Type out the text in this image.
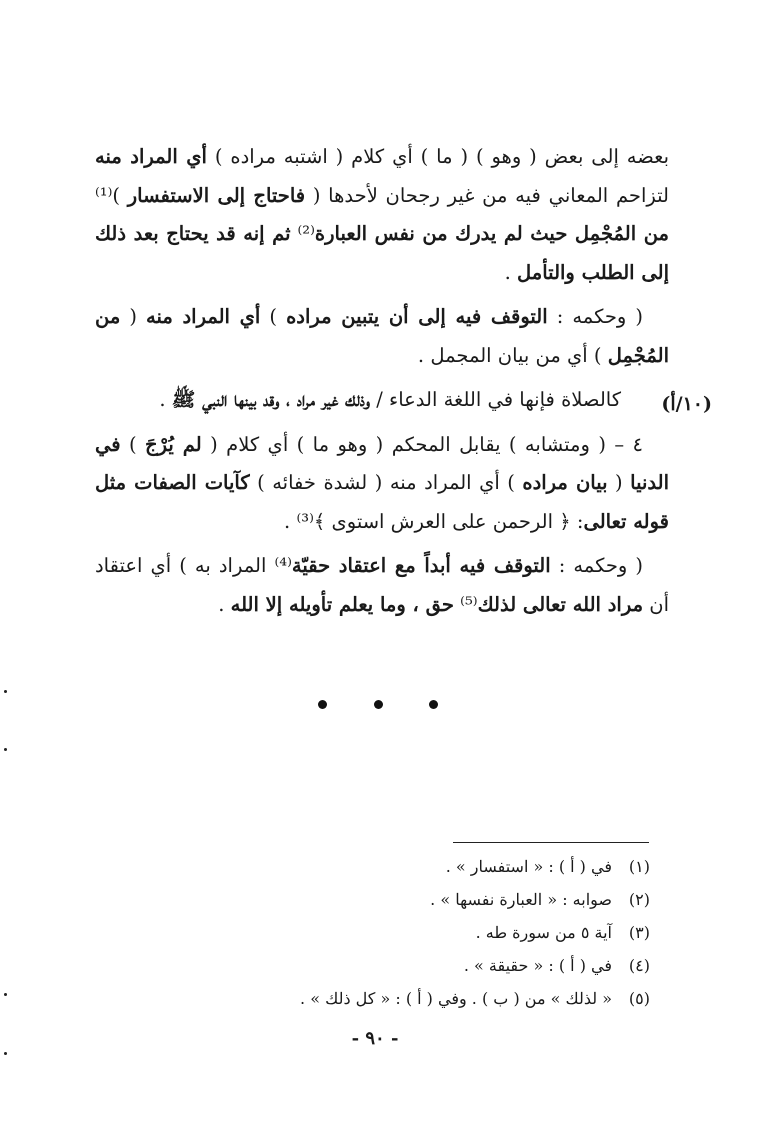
بعضه إلى بعض ( وهو ) ( ما ) أي كلام ( اشتبه مراده ) أي المراد منه لتزاحم المعاني فيه من غير رجحان لأحدها ( فاحتاج إلى الاستفسار )⁽¹⁾ من المُجْمِل حيث لم يدرك من نفس العبارة⁽²⁾ ثم إنه قد يحتاج بعد ذلك إلى الطلب والتأمل .

( وحكمه : التوقف فيه إلى أن يتبين مراده ) أي المراد منه ( من المُجْمِل ) أي من بيان المجمل .

كالصلاة فإنها في اللغة الدعاء / وذلك غير مراد ، وقد بينها النبي ﷺ .

٤ – ( ومتشابه ) يقابل المحكم ( وهو ما ) أي كلام ( لم يُرْجَ ) في الدنيا ( بيان مراده ) أي المراد منه ( لشدة خفائه ) كآيات الصفات مثل قوله تعالى: ﴿ الرحمن على العرش استوى ﴾⁽³⁾ .

( وحكمه : التوقف فيه أبداً مع اعتقاد حقيّة⁽⁴⁾ المراد به ) أي اعتقاد أن مراد الله تعالى لذلك⁽⁵⁾ حق ، وما يعلم تأويله إلا الله .

(١٠/أ)
(١)في ( أ ) : « استفسار » .
(٢)صوابه : « العبارة نفسها » .
(٣)آية ٥ من سورة طه .
(٤)في ( أ ) : « حقيقة » .
(٥)« لذلك » من ( ب ) . وفي ( أ ) : « كل ذلك » .
- ٩٠ -
